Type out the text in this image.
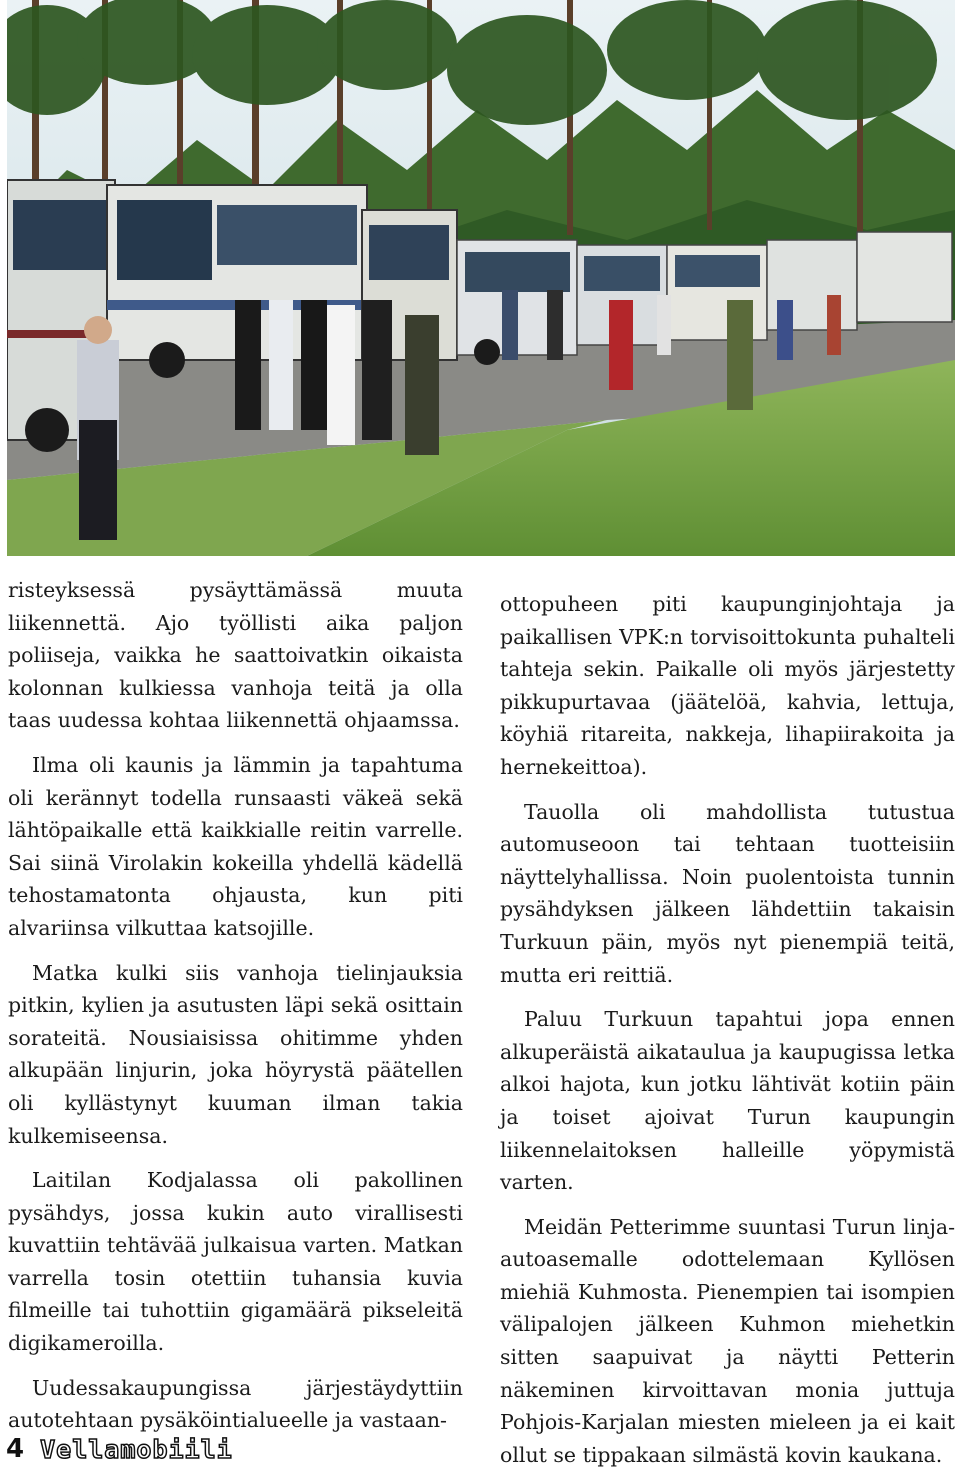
risteyksessä pysäyttämässä muuta liikennettä. Ajo työllisti aika paljon poliiseja, vaikka he saattoivatkin oikaista kolonnan kulkiessa vanhoja teitä ja olla taas uudessa kohtaa liikennettä ohjaamssa.

Ilma oli kaunis ja lämmin ja tapahtuma oli kerännyt todella runsaasti väkeä sekä lähtöpaikalle että kaikkialle reitin varrelle. Sai siinä Virolakin kokeilla yhdellä kädellä tehostamatonta ohjausta, kun piti alvariinsa vilkuttaa katsojille.

Matka kulki siis vanhoja tielinjauksia pitkin, kylien ja asutusten läpi sekä osittain sorateitä. Nousiaisissa ohitimme yhden alkupään linjurin, joka höyrystä päätellen oli kyllästynyt kuuman ilman takia kulkemiseensa.

Laitilan Kodjalassa oli pakollinen pysähdys, jossa kukin auto virallisesti kuvattiin tehtävää julkaisua varten. Matkan varrella tosin otettiin tuhansia kuvia filmeille tai tuhottiin gigamäärä pikseleitä digikameroilla.

Uudessakaupungissa järjestäydyttiin autotehtaan pysäköintialueelle ja vastaan-

ottopuheen piti kaupunginjohtaja ja paikallisen VPK:n torvisoittokunta puhalteli tahteja sekin. Paikalle oli myös järjestetty pikkupurtavaa (jäätelöä, kahvia, lettuja, köyhiä ritareita, nakkeja, lihapiirakoita ja hernekeittoa).

Tauolla oli mahdollista tutustua automuseoon tai tehtaan tuotteisiin näyttelyhallissa. Noin puolentoista tunnin pysähdyksen jälkeen lähdettiin takaisin Turkuun päin, myös nyt pienempiä teitä, mutta eri reittiä.

Paluu Turkuun tapahtui jopa ennen alkuperäistä aikataulua ja kaupugissa letka alkoi hajota, kun jotku lähtivät kotiin päin ja toiset ajoivat Turun kaupungin liikennelaitoksen halleille yöpymistä varten.

Meidän Petterimme suuntasi Turun linja-autoasemalle odottelemaan Kyllösen miehiä Kuhmosta. Pienempien tai isompien välipalojen jälkeen Kuhmon miehetkin sitten saapuivat ja näytti Petterin näkeminen kirvoittavan monia juttuja Pohjois-Karjalan miesten mieleen ja ei kait ollut se tippakaan silmästä kovin kaukana.

4 Vellamobiili
